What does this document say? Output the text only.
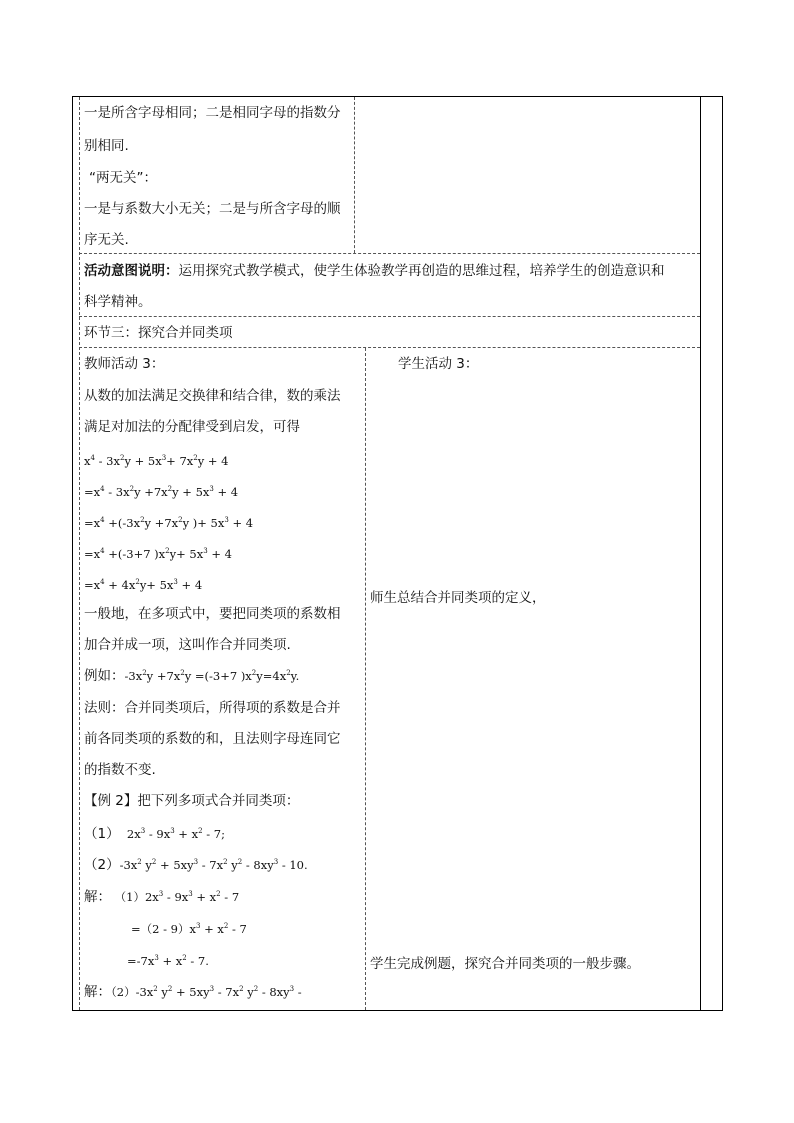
一是所含字母相同；二是相同字母的指数分
别相同.
“两无关”：
一是与系数大小无关；二是与所含字母的顺
序无关.
活动意图说明：运用探究式教学模式，使学生体验教学再创造的思维过程，培养学生的创造意识和
科学精神。
环节三：探究合并同类项
教师活动 3：
从数的加法满足交换律和结合律，数的乘法
满足对加法的分配律受到启发，可得
$x^4 - 3x^2y + 5x^3+ 7x^2y + 4$
$=x^4 - 3x^2y +7x^2y + 5x^3 + 4$
$=x^4 +(-3x^2y +7x^2y$ )+ $5x^3 + 4$
$=x^4 +(-3+7$ )$x^2y+ 5x^3 + 4$
$=x^4 + 4x^2y+ 5x^3 + 4$
一般地，在多项式中，要把同类项的系数相
加合并成一项，这叫作合并同类项.
例如：$-3x^2y +7x^2y =(-3+7$ )$x^2y=4x^2y$.
法则：合并同类项后，所得项的系数是合并
前各同类项的系数的和，且法则字母连同它
的指数不变.
【例 2】把下列多项式合并同类项：
（1）  $2x^3 - 9x^3 + x^2 - 7$;
$(2)-3x^2$ $y^2 + 5xy^3 - 7x^2$ $y^2 - 8xy^3 - 10$.
解： $(1)2x^3 - 9x^3 + x^2 - 7$
$=(2 - 9)x^3 + x^2 - 7$
$=-7x^3 + x^2 - 7$.
解：$(2)-3x^2$ $y^2 + 5xy^3 - 7x^2$ $y^2 - 8xy^3$ -
学生活动 3：
师生总结合并同类项的定义，
学生完成例题，探究合并同类项的一般步骤。
